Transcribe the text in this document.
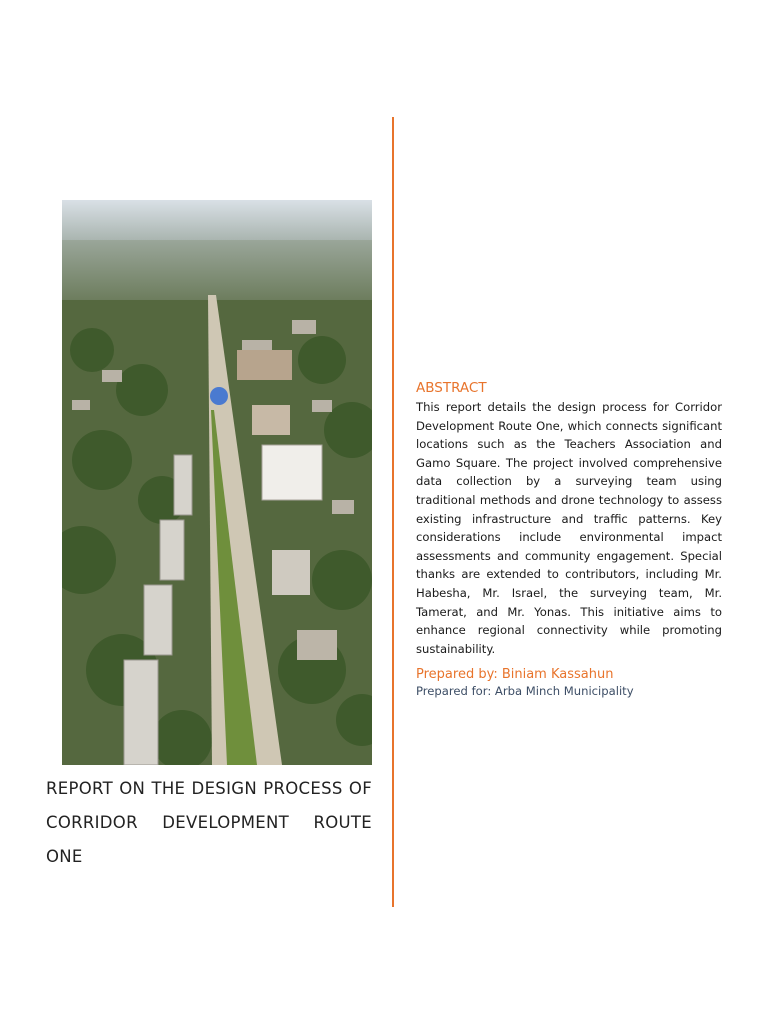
REPORT ON THE DESIGN PROCESS OF CORRIDOR DEVELOPMENT ROUTE ONE
ABSTRACT
This report details the design process for Corridor Development Route One, which connects significant locations such as the Teachers Association and Gamo Square. The project involved comprehensive data collection by a surveying team using traditional methods and drone technology to assess existing infrastructure and traffic patterns. Key considerations include environmental impact assessments and community engagement. Special thanks are extended to contributors, including Mr. Habesha, Mr. Israel, the surveying team, Mr. Tamerat, and Mr. Yonas. This initiative aims to enhance regional connectivity while promoting sustainability.
Prepared by: Biniam Kassahun
Prepared for: Arba Minch Municipality
